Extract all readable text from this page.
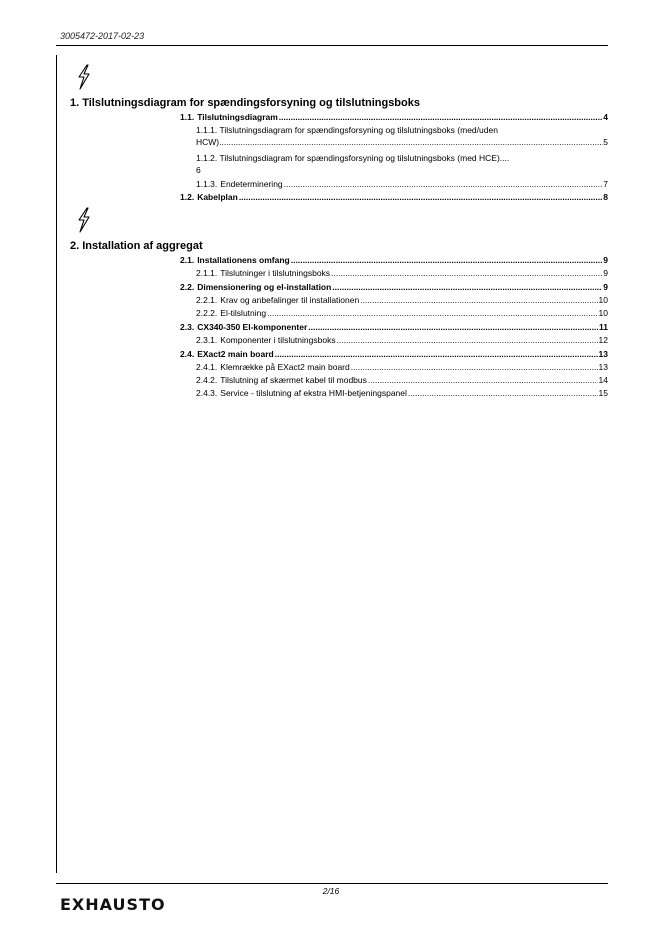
3005472-2017-02-23
1. Tilslutningsdiagram for spændingsforsyning og tilslutningsboks
1.1. Tilslutningsdiagram .....	4
1.1.1. Tilslutningsdiagram for spændingsforsyning og tilslutningsboks (med/uden
HCW) .....	5
1.1.2. Tilslutningsdiagram for spændingsforsyning og tilslutningsboks (med HCE)....
6
1.1.3. Endeterminering .....	7
1.2. Kabelplan .....	8
2. Installation af aggregat
2.1. Installationens omfang .....	9
2.1.1. Tilslutninger i tilslutningsboks .....	9
2.2. Dimensionering og el-installation .....	9
2.2.1. Krav og anbefalinger til installationen .....	10
2.2.2. El-tilslutning .....	10
2.3. CX340-350 El-komponenter .....	11
2.3.1. Komponenter i tilslutningsboks .....	12
2.4. EXact2 main board .....	13
2.4.1. Klemrække på EXact2 main board .....	13
2.4.2. Tilslutning af skærmet kabel til modbus .....	14
2.4.3. Service - tilslutning af ekstra HMI-betjeningspanel .....	15
2/16
EXHAUSTO
